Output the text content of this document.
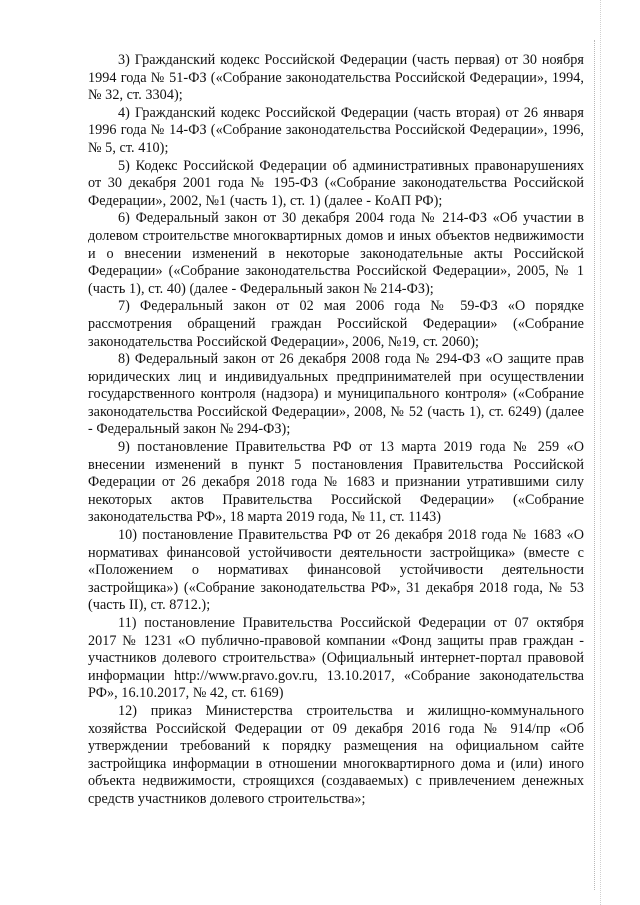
3) Гражданский кодекс Российской Федерации (часть первая) от 30 ноября 1994 года № 51-ФЗ («Собрание законодательства Российской Федерации», 1994, № 32, ст. 3304);

4) Гражданский кодекс Российской Федерации (часть вторая) от 26 января 1996 года № 14-ФЗ («Собрание законодательства Российской Федерации», 1996, № 5, ст. 410);

5) Кодекс Российской Федерации об административных правонарушениях от 30 декабря 2001 года № 195-ФЗ («Собрание законодательства Российской Федерации», 2002, №1 (часть 1), ст. 1) (далее - КоАП РФ);

6) Федеральный закон от 30 декабря 2004 года № 214-ФЗ «Об участии в долевом строительстве многоквартирных домов и иных объектов недвижимости и о внесении изменений в некоторые законодательные акты Российской Федерации» («Собрание законодательства Российской Федерации», 2005, № 1 (часть 1), ст. 40) (далее - Федеральный закон № 214-ФЗ);

7) Федеральный закон от 02 мая 2006 года № 59-ФЗ «О порядке рассмотрения обращений граждан Российской Федерации» («Собрание законодательства Российской Федерации», 2006, №19, ст. 2060);

8) Федеральный закон от 26 декабря 2008 года № 294-ФЗ «О защите прав юридических лиц и индивидуальных предпринимателей при осуществлении государственного контроля (надзора) и муниципального контроля» («Собрание законодательства Российской Федерации», 2008, № 52 (часть 1), ст. 6249) (далее - Федеральный закон № 294-ФЗ);

9) постановление Правительства РФ от 13 марта 2019 года № 259 «О внесении изменений в пункт 5 постановления Правительства Российской Федерации от 26 декабря 2018 года № 1683 и признании утратившими силу некоторых актов Правительства Российской Федерации» («Собрание законодательства РФ», 18 марта 2019 года, № 11, ст. 1143)

10) постановление Правительства РФ от 26 декабря 2018 года № 1683 «О нормативах финансовой устойчивости деятельности застройщика» (вместе с «Положением о нормативах финансовой устойчивости деятельности застройщика») («Собрание законодательства РФ», 31 декабря 2018 года, № 53 (часть II), ст. 8712.);

11) постановление Правительства Российской Федерации от 07 октября 2017 № 1231 «О публично-правовой компании «Фонд защиты прав граждан - участников долевого строительства» (Официальный интернет-портал правовой информации http://www.pravo.gov.ru, 13.10.2017, «Собрание законодательства РФ», 16.10.2017, № 42, ст. 6169)

12) приказ Министерства строительства и жилищно-коммунального хозяйства Российской Федерации от 09 декабря 2016 года № 914/пр «Об утверждении требований к порядку размещения на официальном сайте застройщика информации в отношении многоквартирного дома и (или) иного объекта недвижимости, строящихся (создаваемых) с привлечением денежных средств участников долевого строительства»;
